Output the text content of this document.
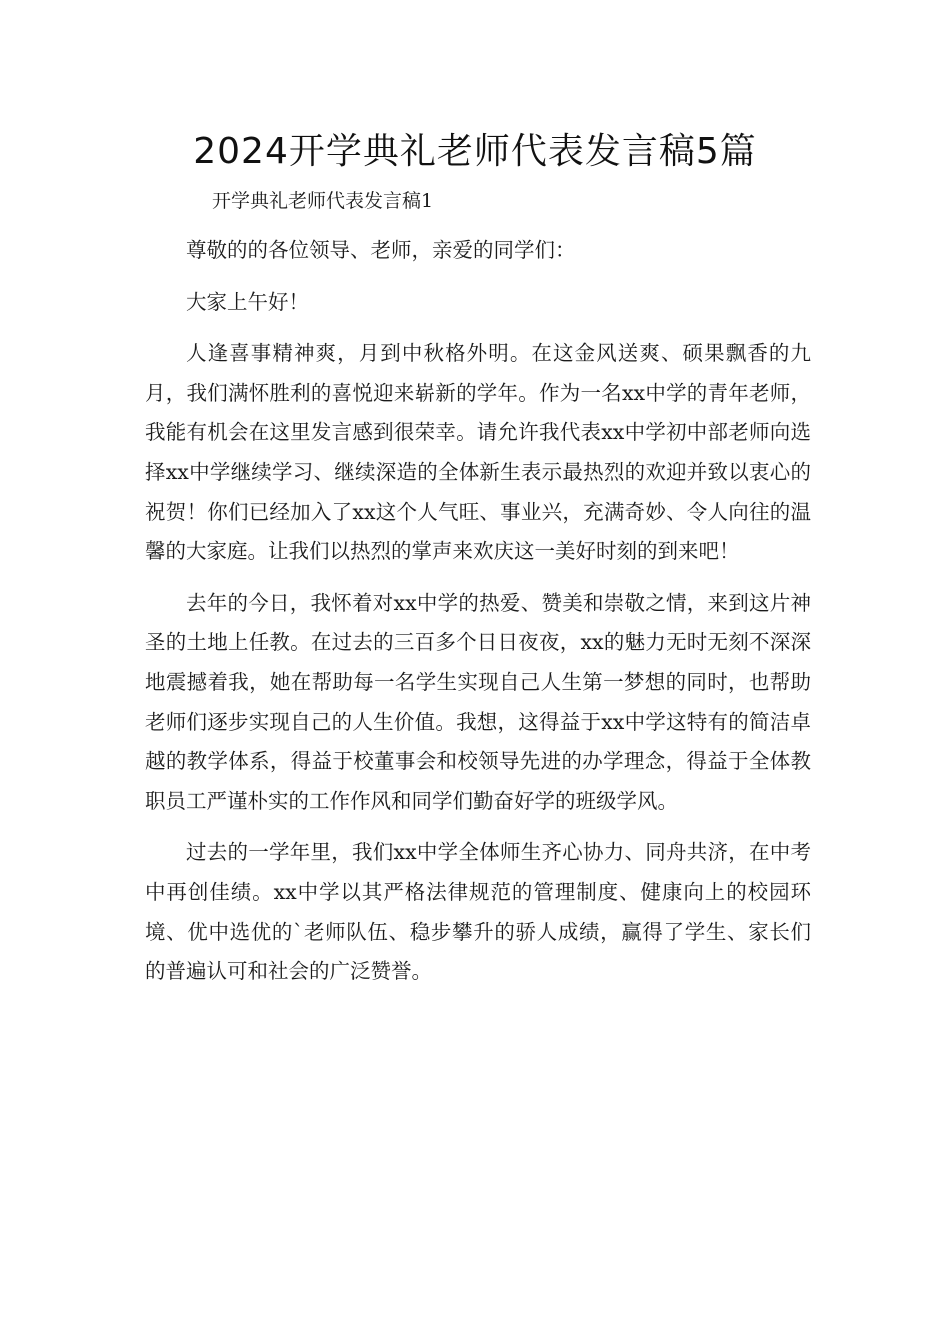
2024开学典礼老师代表发言稿5篇

开学典礼老师代表发言稿1

尊敬的的各位领导、老师，亲爱的同学们：

大家上午好！

人逢喜事精神爽，月到中秋格外明。在这金风送爽、硕果飘香的九月，我们满怀胜利的喜悦迎来崭新的学年。作为一名xx中学的青年老师，我能有机会在这里发言感到很荣幸。请允许我代表xx中学初中部老师向选择xx中学继续学习、继续深造的全体新生表示最热烈的欢迎并致以衷心的祝贺！你们已经加入了xx这个人气旺、事业兴，充满奇妙、令人向往的温馨的大家庭。让我们以热烈的掌声来欢庆这一美好时刻的到来吧！

去年的今日，我怀着对xx中学的热爱、赞美和崇敬之情，来到这片神圣的土地上任教。在过去的三百多个日日夜夜，xx的魅力无时无刻不深深地震撼着我，她在帮助每一名学生实现自己人生第一梦想的同时，也帮助老师们逐步实现自己的人生价值。我想，这得益于xx中学这特有的简洁卓越的教学体系，得益于校董事会和校领导先进的办学理念，得益于全体教职员工严谨朴实的工作作风和同学们勤奋好学的班级学风。

过去的一学年里，我们xx中学全体师生齐心协力、同舟共济，在中考中再创佳绩。xx中学以其严格法律规范的管理制度、健康向上的校园环境、优中选优的`老师队伍、稳步攀升的骄人成绩，赢得了学生、家长们的普遍认可和社会的广泛赞誉。
